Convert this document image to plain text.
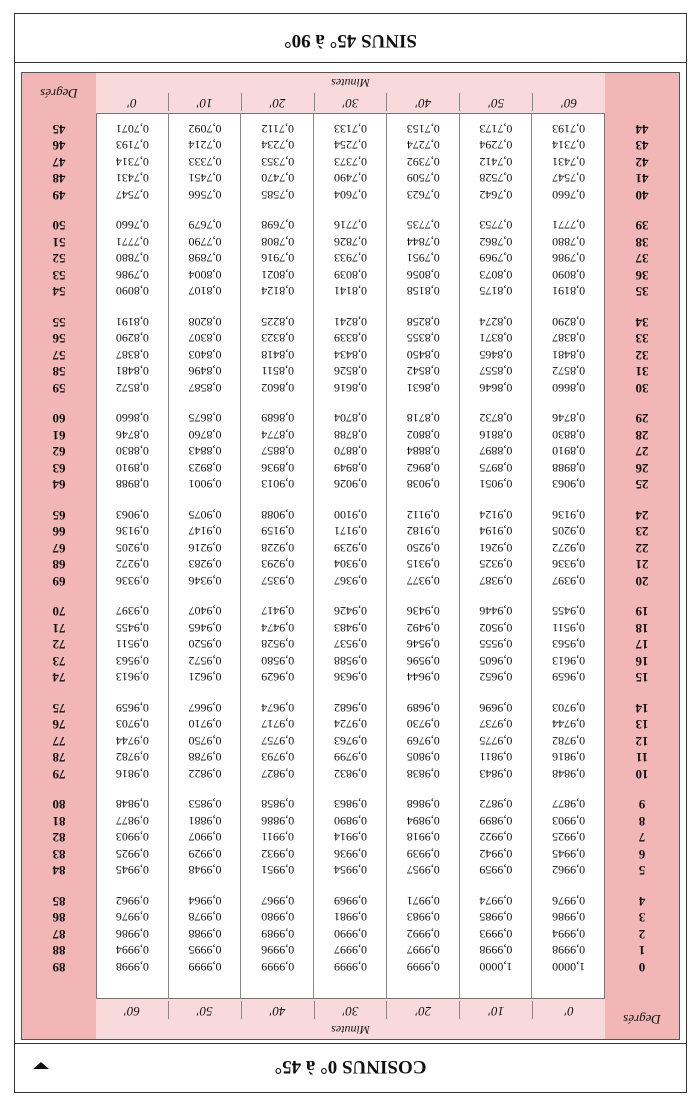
COSINUS 0° à 45°
Degrés
0
1
2
3
4
5
6
7
8
9
10
11
12
13
14
15
16
17
18
19
20
21
22
23
24
25
26
27
28
29
30
31
32
33
34
35
36
37
38
39
40
41
42
43
44
Degrés
89
88
87
86
85
84
83
82
81
80
79
78
77
76
75
74
73
72
71
70
69
68
67
66
65
64
63
62
61
60
59
58
57
56
55
54
53
52
51
50
49
48
47
46
45
Minutes
0'
10'
20'
30'
40'
50'
60'
60'
50'
40'
30'
20'
10'
0'
Minutes
1,0000
1,0000
0,9999
0,9999
0,9999
0,9999
0,9998
0,9998
0,9998
0,9997
0,9997
0,9996
0,9995
0,9994
0,9994
0,9993
0,9992
0,9990
0,9989
0,9988
0,9986
0,9986
0,9985
0,9983
0,9981
0,9980
0,9978
0,9976
0,9976
0,9974
0,9971
0,9969
0,9967
0,9964
0,9962
0,9962
0,9959
0,9957
0,9954
0,9951
0,9948
0,9945
0,9945
0,9942
0,9939
0,9936
0,9932
0,9929
0,9925
0,9925
0,9922
0,9918
0,9914
0,9911
0,9907
0,9903
0,9903
0,9899
0,9894
0,9890
0,9886
0,9881
0,9877
0,9877
0,9872
0,9868
0,9863
0,9858
0,9853
0,9848
0,9848
0,9843
0,9838
0,9832
0,9827
0,9822
0,9816
0,9816
0,9811
0,9805
0,9799
0,9793
0,9788
0,9782
0,9782
0,9775
0,9769
0,9763
0,9757
0,9750
0,9744
0,9744
0,9737
0,9730
0,9724
0,9717
0,9710
0,9703
0,9703
0,9696
0,9689
0,9682
0,9674
0,9667
0,9659
0,9659
0,9652
0,9644
0,9636
0,9629
0,9621
0,9613
0,9613
0,9605
0,9596
0,9588
0,9580
0,9572
0,9563
0,9563
0,9555
0,9546
0,9537
0,9528
0,9520
0,9511
0,9511
0,9502
0,9492
0,9483
0,9474
0,9465
0,9455
0,9455
0,9446
0,9436
0,9426
0,9417
0,9407
0,9397
0,9397
0,9387
0,9377
0,9367
0,9357
0,9346
0,9336
0,9336
0,9325
0,9315
0,9304
0,9293
0,9283
0,9272
0,9272
0,9261
0,9250
0,9239
0,9228
0,9216
0,9205
0,9205
0,9194
0,9182
0,9171
0,9159
0,9147
0,9136
0,9136
0,9124
0,9112
0,9100
0,9088
0,9075
0,9063
0,9063
0,9051
0,9038
0,9026
0,9013
0,9001
0,8988
0,8988
0,8975
0,8962
0,8949
0,8936
0,8923
0,8910
0,8910
0,8897
0,8884
0,8870
0,8857
0,8843
0,8830
0,8830
0,8816
0,8802
0,8788
0,8774
0,8760
0,8746
0,8746
0,8732
0,8718
0,8704
0,8689
0,8675
0,8660
0,8660
0,8646
0,8631
0,8616
0,8602
0,8587
0,8572
0,8572
0,8557
0,8542
0,8526
0,8511
0,8496
0,8481
0,8481
0,8465
0,8450
0,8434
0,8418
0,8403
0,8387
0,8387
0,8371
0,8355
0,8339
0,8323
0,8307
0,8290
0,8290
0,8274
0,8258
0,8241
0,8225
0,8208
0,8191
0,8191
0,8175
0,8158
0,8141
0,8124
0,8107
0,8090
0,8090
0,8073
0,8056
0,8039
0,8021
0,8004
0,7986
0,7986
0,7969
0,7951
0,7933
0,7916
0,7898
0,7880
0,7880
0,7862
0,7844
0,7826
0,7808
0,7790
0,7771
0,7771
0,7753
0,7735
0,7716
0,7698
0,7679
0,7660
0,7660
0,7642
0,7623
0,7604
0,7585
0,7566
0,7547
0,7547
0,7528
0,7509
0,7490
0,7470
0,7451
0,7431
0,7431
0,7412
0,7392
0,7373
0,7353
0,7333
0,7314
0,7314
0,7294
0,7274
0,7254
0,7234
0,7214
0,7193
0,7193
0,7173
0,7153
0,7133
0,7112
0,7092
0,7071
SINUS 45° à 90°
